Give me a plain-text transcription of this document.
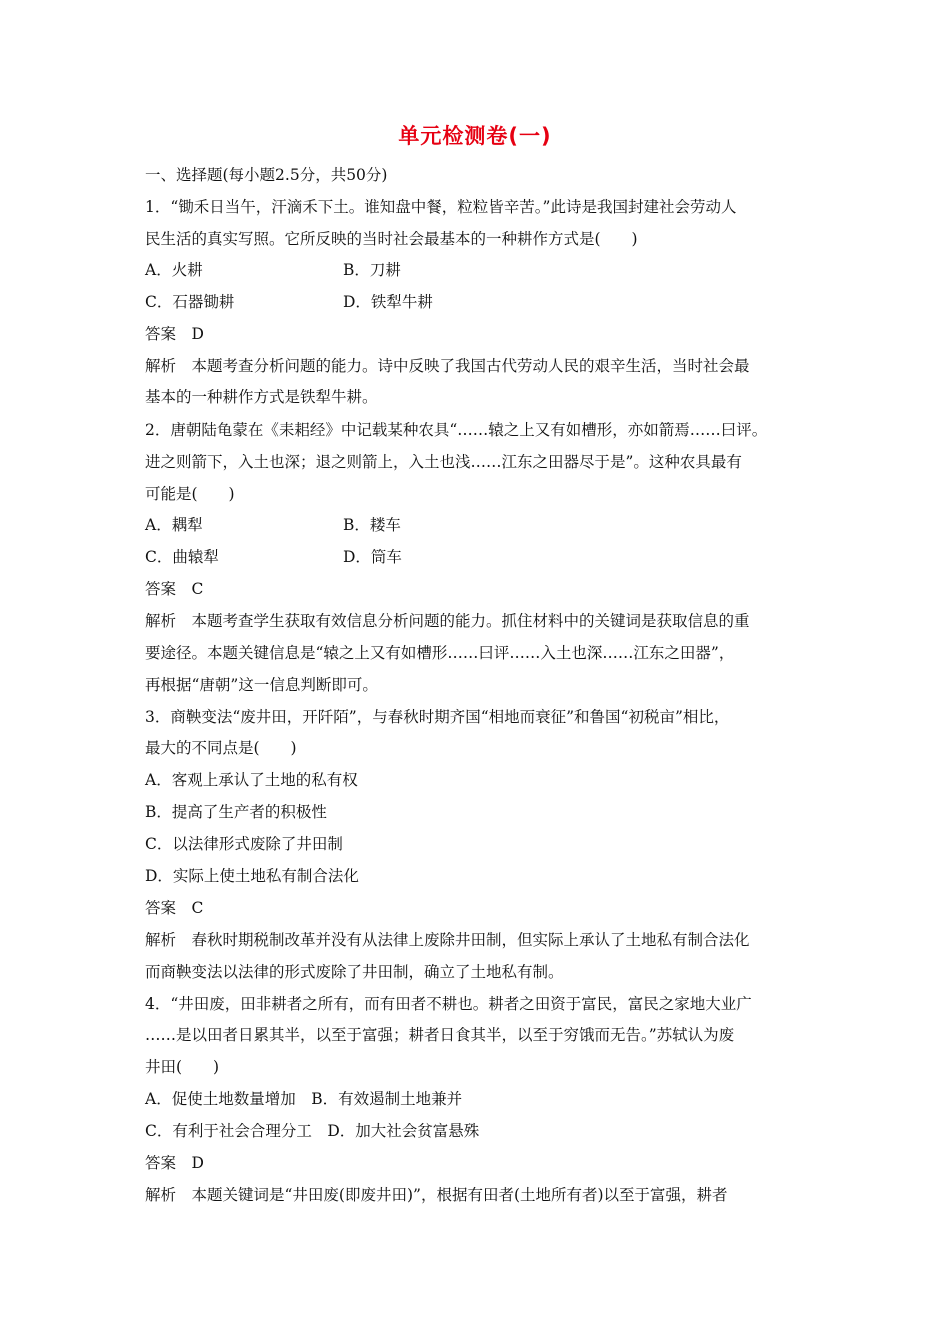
单元检测卷(一)
一、选择题(每小题2.5分，共50分)
1．“锄禾日当午，汗滴禾下土。谁知盘中餐，粒粒皆辛苦。”此诗是我国封建社会劳动人
民生活的真实写照。它所反映的当时社会最基本的一种耕作方式是(　　)
A．火耕	B．刀耕
C．石器锄耕	D．铁犁牛耕
答案　D
解析　本题考查分析问题的能力。诗中反映了我国古代劳动人民的艰辛生活，当时社会最
基本的一种耕作方式是铁犁牛耕。
2．唐朝陆龟蒙在《耒耜经》中记载某种农具“……辕之上又有如槽形，亦如箭焉……曰评。
进之则箭下，入土也深；退之则箭上，入土也浅……江东之田器尽于是”。这种农具最有
可能是(　　)
A．耦犁	B．耧车
C．曲辕犁	D．筒车
答案　C
解析　本题考查学生获取有效信息分析问题的能力。抓住材料中的关键词是获取信息的重
要途径。本题关键信息是“辕之上又有如槽形……曰评……入土也深……江东之田器”，
再根据“唐朝”这一信息判断即可。
3．商鞅变法“废井田，开阡陌”，与春秋时期齐国“相地而衰征”和鲁国“初税亩”相比，
最大的不同点是(　　)
A．客观上承认了土地的私有权
B．提高了生产者的积极性
C．以法律形式废除了井田制
D．实际上使土地私有制合法化
答案　C
解析　春秋时期税制改革并没有从法律上废除井田制，但实际上承认了土地私有制合法化
而商鞅变法以法律的形式废除了井田制，确立了土地私有制。
4．“井田废，田非耕者之所有，而有田者不耕也。耕者之田资于富民，富民之家地大业广
……是以田者日累其半，以至于富强；耕者日食其半，以至于穷饿而无告。”苏轼认为废
井田(　　)
A．促使土地数量增加　B．有效遏制土地兼并
C．有利于社会合理分工　D．加大社会贫富悬殊
答案　D
解析　本题关键词是“井田废(即废井田)”，根据有田者(土地所有者)以至于富强，耕者
